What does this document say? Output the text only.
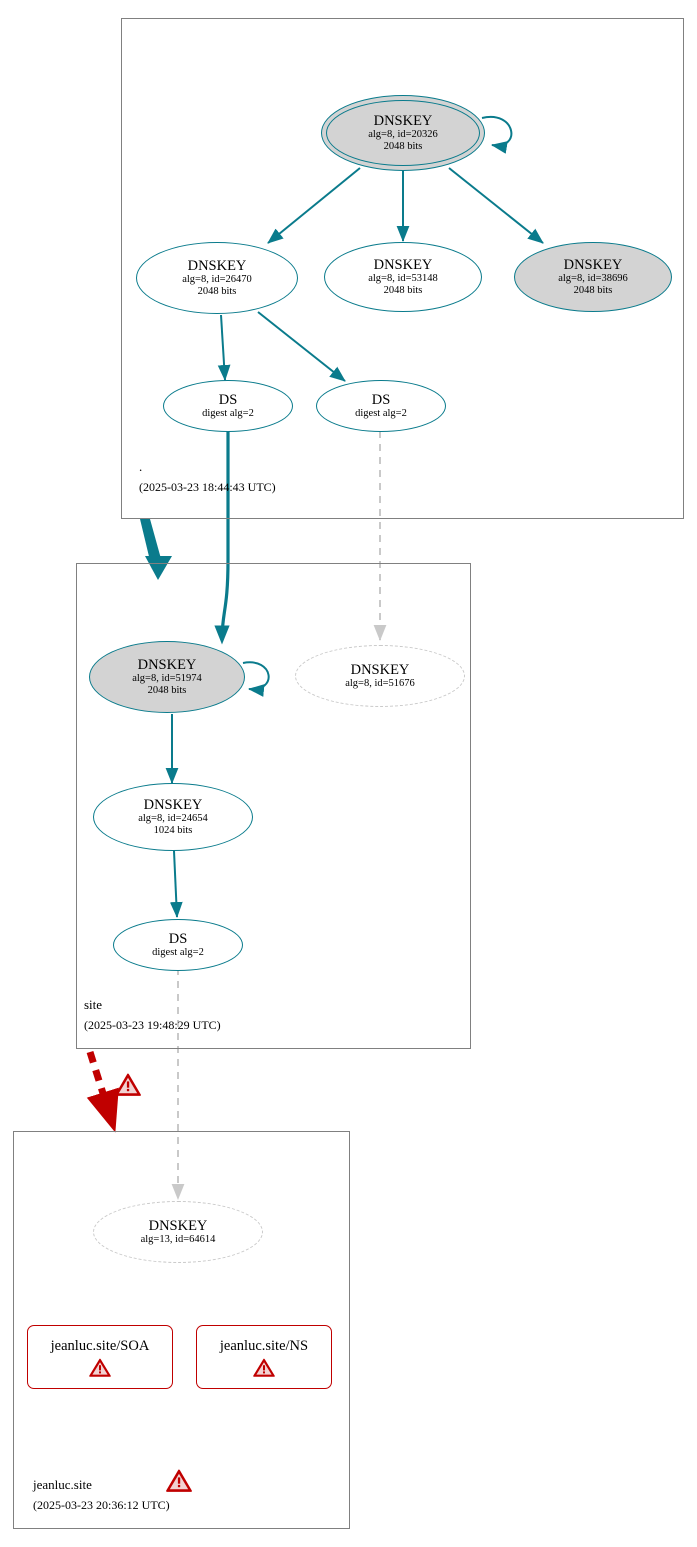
.
(2025-03-23 18:44:43 UTC)
site
(2025-03-23 19:48:29 UTC)
jeanluc.site
(2025-03-23 20:36:12 UTC)
DNSKEY
alg=8, id=20326
2048 bits
DNSKEY
alg=8, id=26470
2048 bits
DNSKEY
alg=8, id=53148
2048 bits
DNSKEY
alg=8, id=38696
2048 bits
DS
digest alg=2
DS
digest alg=2
DNSKEY
alg=8, id=51974
2048 bits
DNSKEY
alg=8, id=51676
DNSKEY
alg=8, id=24654
1024 bits
DS
digest alg=2
DNSKEY
alg=13, id=64614
jeanluc.site/SOA	jeanluc.site/NS
